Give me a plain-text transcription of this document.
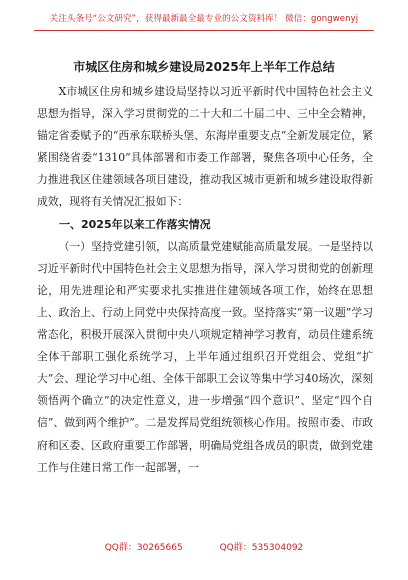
关注头条号“公文研究”，获得最新最全最专业的公文资料库！ 微信：gongwenyj
市城区住房和城乡建设局2025年上半年工作总结

X市城区住房和城乡建设局坚持以习近平新时代中国特色社会主义思想为指导，深入学习贯彻党的二十大和二十届二中、三中全会精神，锚定省委赋予的“西承东联桥头堡、东海岸重要支点”全新发展定位，紧紧围绕省委“1310”具体部署和市委工作部署，聚焦各项中心任务，全力推进我区住建领域各项目建设，推动我区城市更新和城乡建设取得新成效，现将有关情况汇报如下：

一、2025年以来工作落实情况

（一）坚持党建引领，以高质量党建赋能高质量发展。一是坚持以习近平新时代中国特色社会主义思想为指导，深入学习贯彻党的创新理论，用先进理论和严实要求扎实推进住建领域各项工作，始终在思想上、政治上、行动上同党中央保持高度一致。坚持落实“第一议题”学习常态化，积极开展深入贯彻中央八项规定精神学习教育，动员住建系统全体干部职工强化系统学习，上半年通过组织召开党组会、党组“扩大”会、理论学习中心组、全体干部职工会议等集中学习40场次，深刻领悟两个确立”的决定性意义，进一步增强“四个意识”、坚定“四个自信”、做到两个维护”。二是发挥局党组统领核心作用。按照市委、市政府和区委、区政府重要工作部署，明确局党组各成员的职责，做到党建工作与住建日常工作一起部署，一

QQ群：30265665	QQ群：535304092
